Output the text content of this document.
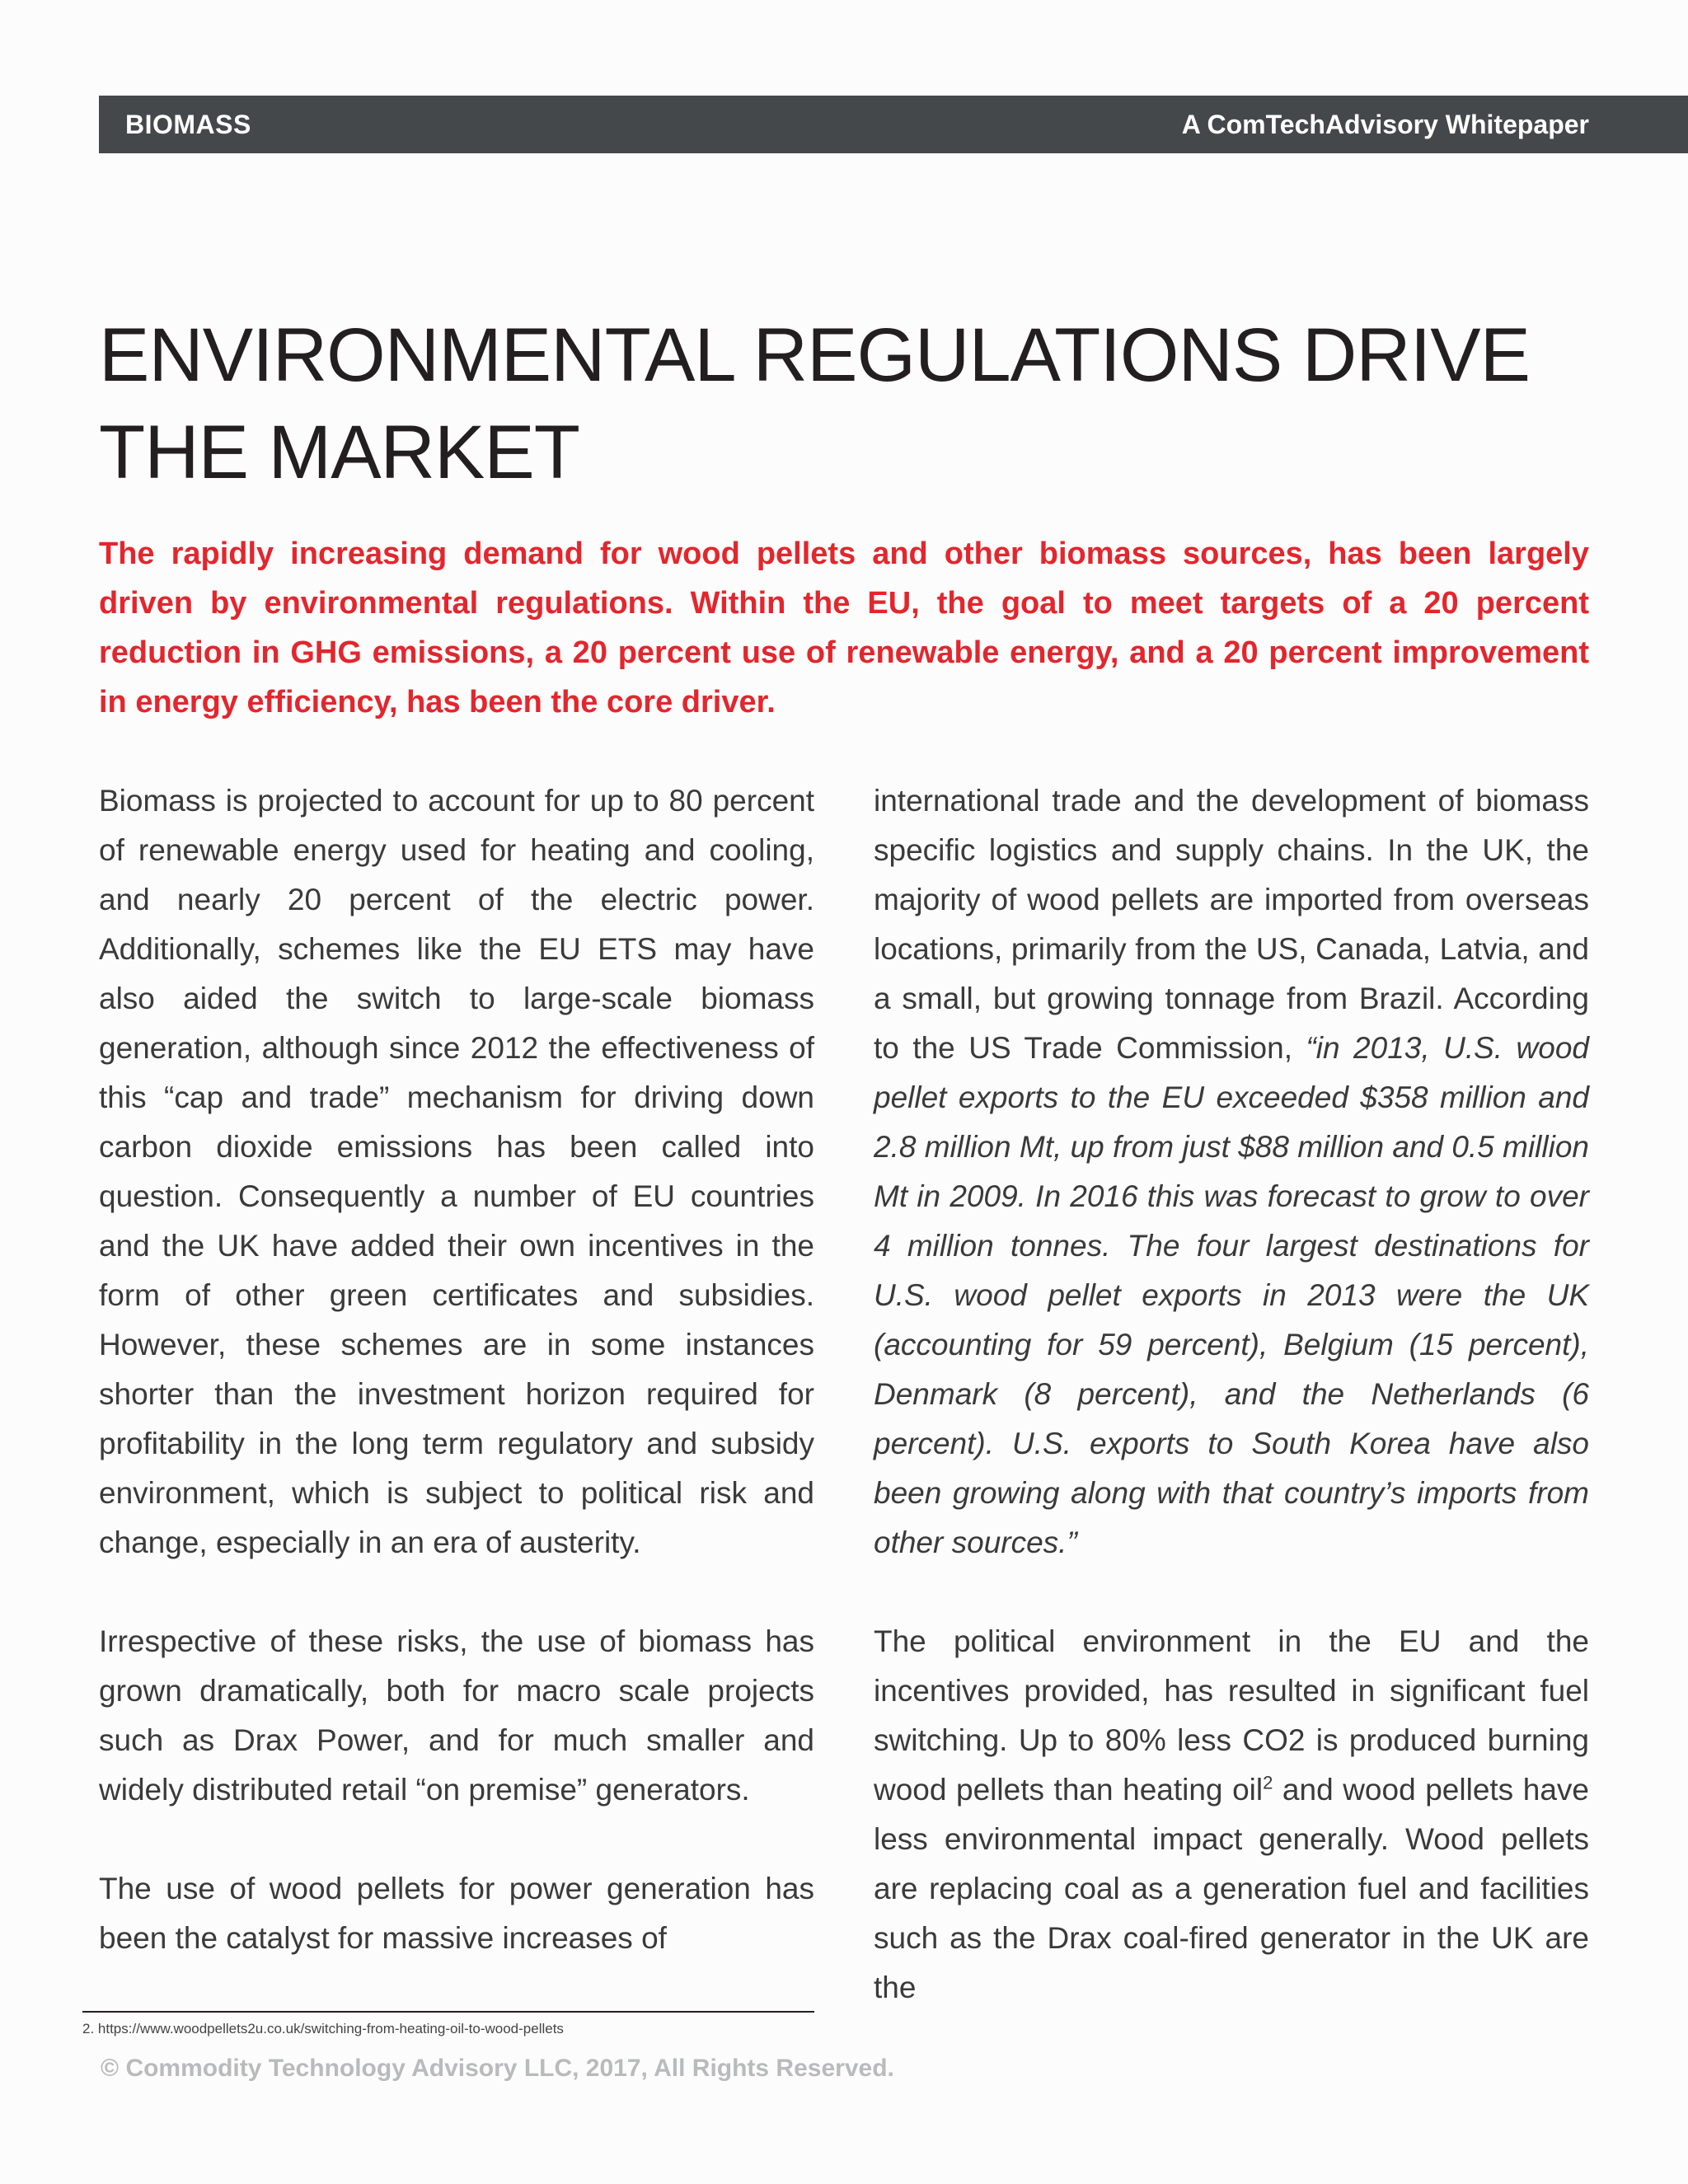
BIOMASS	A ComTechAdvisory Whitepaper
ENVIRONMENTAL REGULATIONS DRIVE
THE MARKET

The rapidly increasing demand for wood pellets and other biomass sources, has been largely driven by environmental regulations. Within the EU, the goal to meet targets of a 20 percent reduction in GHG emissions, a 20 percent use of renewable energy, and a 20 percent improvement in energy efficiency, has been the core driver.

Biomass is projected to account for up to 80 percent of renewable energy used for heating and cooling, and nearly 20 percent of the electric power. Additionally, schemes like the EU ETS may have also aided the switch to large-scale biomass generation, although since 2012 the effectiveness of this “cap and trade” mechanism for driving down carbon dioxide emissions has been called into question. Consequently a number of EU countries and the UK have added their own incentives in the form of other green certificates and subsidies. However, these schemes are in some instances shorter than the investment horizon required for profitability in the long term regulatory and subsidy environment, which is subject to political risk and change, especially in an era of austerity.

Irrespective of these risks, the use of biomass has grown dramatically, both for macro scale projects such as Drax Power, and for much smaller and widely distributed retail “on premise” generators.

The use of wood pellets for power generation has been the catalyst for massive increases of

international trade and the development of biomass specific logistics and supply chains. In the UK, the majority of wood pellets are imported from overseas locations, primarily from the US, Canada, Latvia, and a small, but growing tonnage from Brazil. According to the US Trade Commission, “in 2013, U.S. wood pellet exports to the EU exceeded $358 million and 2.8 million Mt, up from just $88 million and 0.5 million Mt in 2009. In 2016 this was forecast to grow to over 4 million tonnes. The four largest destinations for U.S. wood pellet exports in 2013 were the UK (accounting for 59 percent), Belgium (15 percent), Denmark (8 percent), and the Netherlands (6 percent). U.S. exports to South Korea have also been growing along with that country’s imports from other sources.”

The political environment in the EU and the incentives provided, has resulted in significant fuel switching. Up to 80% less CO2 is produced burning wood pellets than heating oil$^2$ and wood pellets have less environmental impact generally. Wood pellets are replacing coal as a generation fuel and facilities such as the Drax coal-fired generator in the UK are the

2. https://www.woodpellets2u.co.uk/switching-from-heating-oil-to-wood-pellets
© Commodity Technology Advisory LLC, 2017, All Rights Reserved.
